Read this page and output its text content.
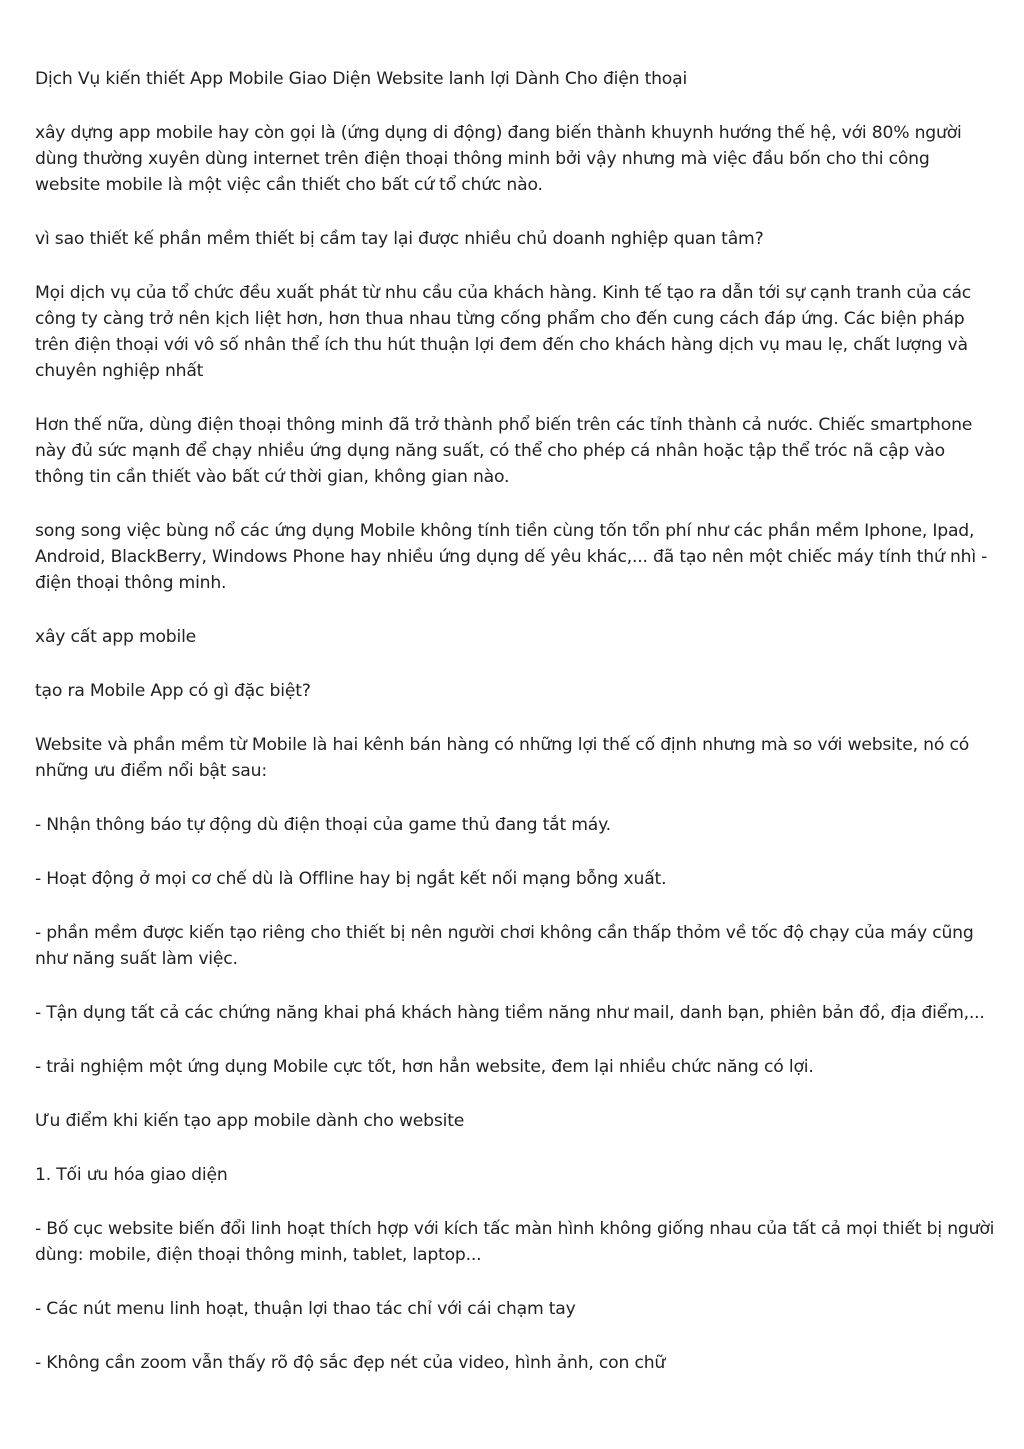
Dịch Vụ kiến thiết App Mobile Giao Diện Website lanh lợi Dành Cho điện thoại

xây dựng app mobile hay còn gọi là (ứng dụng di động) đang biến thành khuynh hướng thế hệ, với 80% người dùng thường xuyên dùng internet trên điện thoại thông minh bởi vậy nhưng mà việc đầu bốn cho thi công website mobile là một việc cần thiết cho bất cứ tổ chức nào.

vì sao thiết kế phần mềm thiết bị cầm tay lại được nhiều chủ doanh nghiệp quan tâm?

Mọi dịch vụ của tổ chức đều xuất phát từ nhu cầu của khách hàng. Kinh tế tạo ra dẫn tới sự cạnh tranh của các công ty càng trở nên kịch liệt hơn, hơn thua nhau từng cống phẩm cho đến cung cách đáp ứng. Các biện pháp trên điện thoại với vô số nhân thể ích thu hút thuận lợi đem đến cho khách hàng dịch vụ mau lẹ, chất lượng và chuyên nghiệp nhất

Hơn thế nữa, dùng điện thoại thông minh đã trở thành phổ biến trên các tỉnh thành cả nước. Chiếc smartphone này đủ sức mạnh để chạy nhiều ứng dụng năng suất, có thể cho phép cá nhân hoặc tập thể tróc nã cập vào thông tin cần thiết vào bất cứ thời gian, không gian nào.

song song việc bùng nổ các ứng dụng Mobile không tính tiền cùng tốn tổn phí như các phần mềm Iphone, Ipad, Android, BlackBerry, Windows Phone hay nhiều ứng dụng dế yêu khác,... đã tạo nên một chiếc máy tính thứ nhì - điện thoại thông minh.

xây cất app mobile

tạo ra Mobile App có gì đặc biệt?

Website và phần mềm từ Mobile là hai kênh bán hàng có những lợi thế cố định nhưng mà so với website, nó có những ưu điểm nổi bật sau:

- Nhận thông báo tự động dù điện thoại của game thủ đang tắt máy.

- Hoạt động ở mọi cơ chế dù là Offline hay bị ngắt kết nối mạng bỗng xuất.

- phần mềm được kiến tạo riêng cho thiết bị nên người chơi không cần thấp thỏm về tốc độ chạy của máy cũng như năng suất làm việc.

- Tận dụng tất cả các chứng năng khai phá khách hàng tiềm năng như mail, danh bạn, phiên bản đồ, địa điểm,...

- trải nghiệm một ứng dụng Mobile cực tốt, hơn hẳn website, đem lại nhiều chức năng có lợi.

Ưu điểm khi kiến tạo app mobile dành cho website

1. Tối ưu hóa giao diện

- Bố cục website biến đổi linh hoạt thích hợp với kích tấc màn hình không giống nhau của tất cả mọi thiết bị người dùng: mobile, điện thoại thông minh, tablet, laptop...

- Các nút menu linh hoạt, thuận lợi thao tác chỉ với cái chạm tay

- Không cần zoom vẫn thấy rõ độ sắc đẹp nét của video, hình ảnh, con chữ
